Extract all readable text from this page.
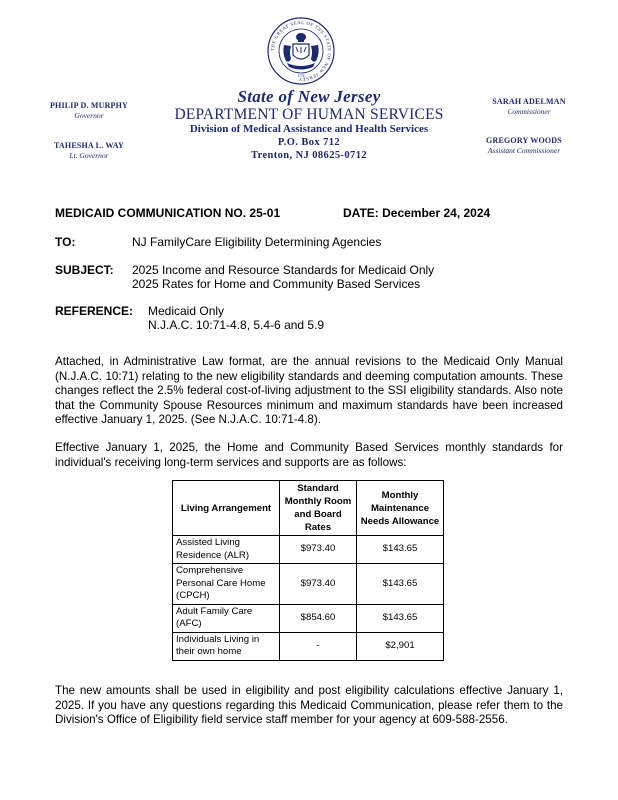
THE GREAT SEAL OF THE STATE OF NEW JERSEY
1776
PHILIP D. MURPHY
Governor
TAHESHA L. WAY
Lt. Governor
SARAH ADELMAN
Commissioner
GREGORY WOODS
Assistant Commissioner
State of New Jersey
DEPARTMENT OF HUMAN SERVICES
Division of Medical Assistance and Health Services
P.O. Box 712
Trenton, NJ 08625-0712
MEDICAID COMMUNICATION NO. 25-01	DATE: December 24, 2024
TO:	NJ FamilyCare Eligibility Determining Agencies
SUBJECT: 2025 Income and Resource Standards for Medicaid Only
2025 Rates for Home and Community Based Services
REFERENCE: Medicaid Only
N.J.A.C. 10:71-4.8, 5.4-6 and 5.9
Attached, in Administrative Law format, are the annual revisions to the Medicaid Only Manual (N.J.A.C. 10:71) relating to the new eligibility standards and deeming computation amounts. These changes reflect the 2.5% federal cost-of-living adjustment to the SSI eligibility standards. Also note that the Community Spouse Resources minimum and maximum standards have been increased effective January 1, 2025. (See N.J.A.C. 10:71-4.8).
Effective January 1, 2025, the Home and Community Based Services monthly standards for individual's receiving long-term services and supports are as follows:
Living Arrangement	Standard Monthly Room and Board Rates	Monthly Maintenance Needs Allowance
Assisted Living Residence (ALR)	$973.40	$143.65
Comprehensive Personal Care Home (CPCH)	$973.40	$143.65
Adult Family Care (AFC)	$854.60	$143.65
Individuals Living in their own home	-	$2,901
The new amounts shall be used in eligibility and post eligibility calculations effective January 1, 2025. If you have any questions regarding this Medicaid Communication, please refer them to the Division's Office of Eligibility field service staff member for your agency at 609-588-2556.
